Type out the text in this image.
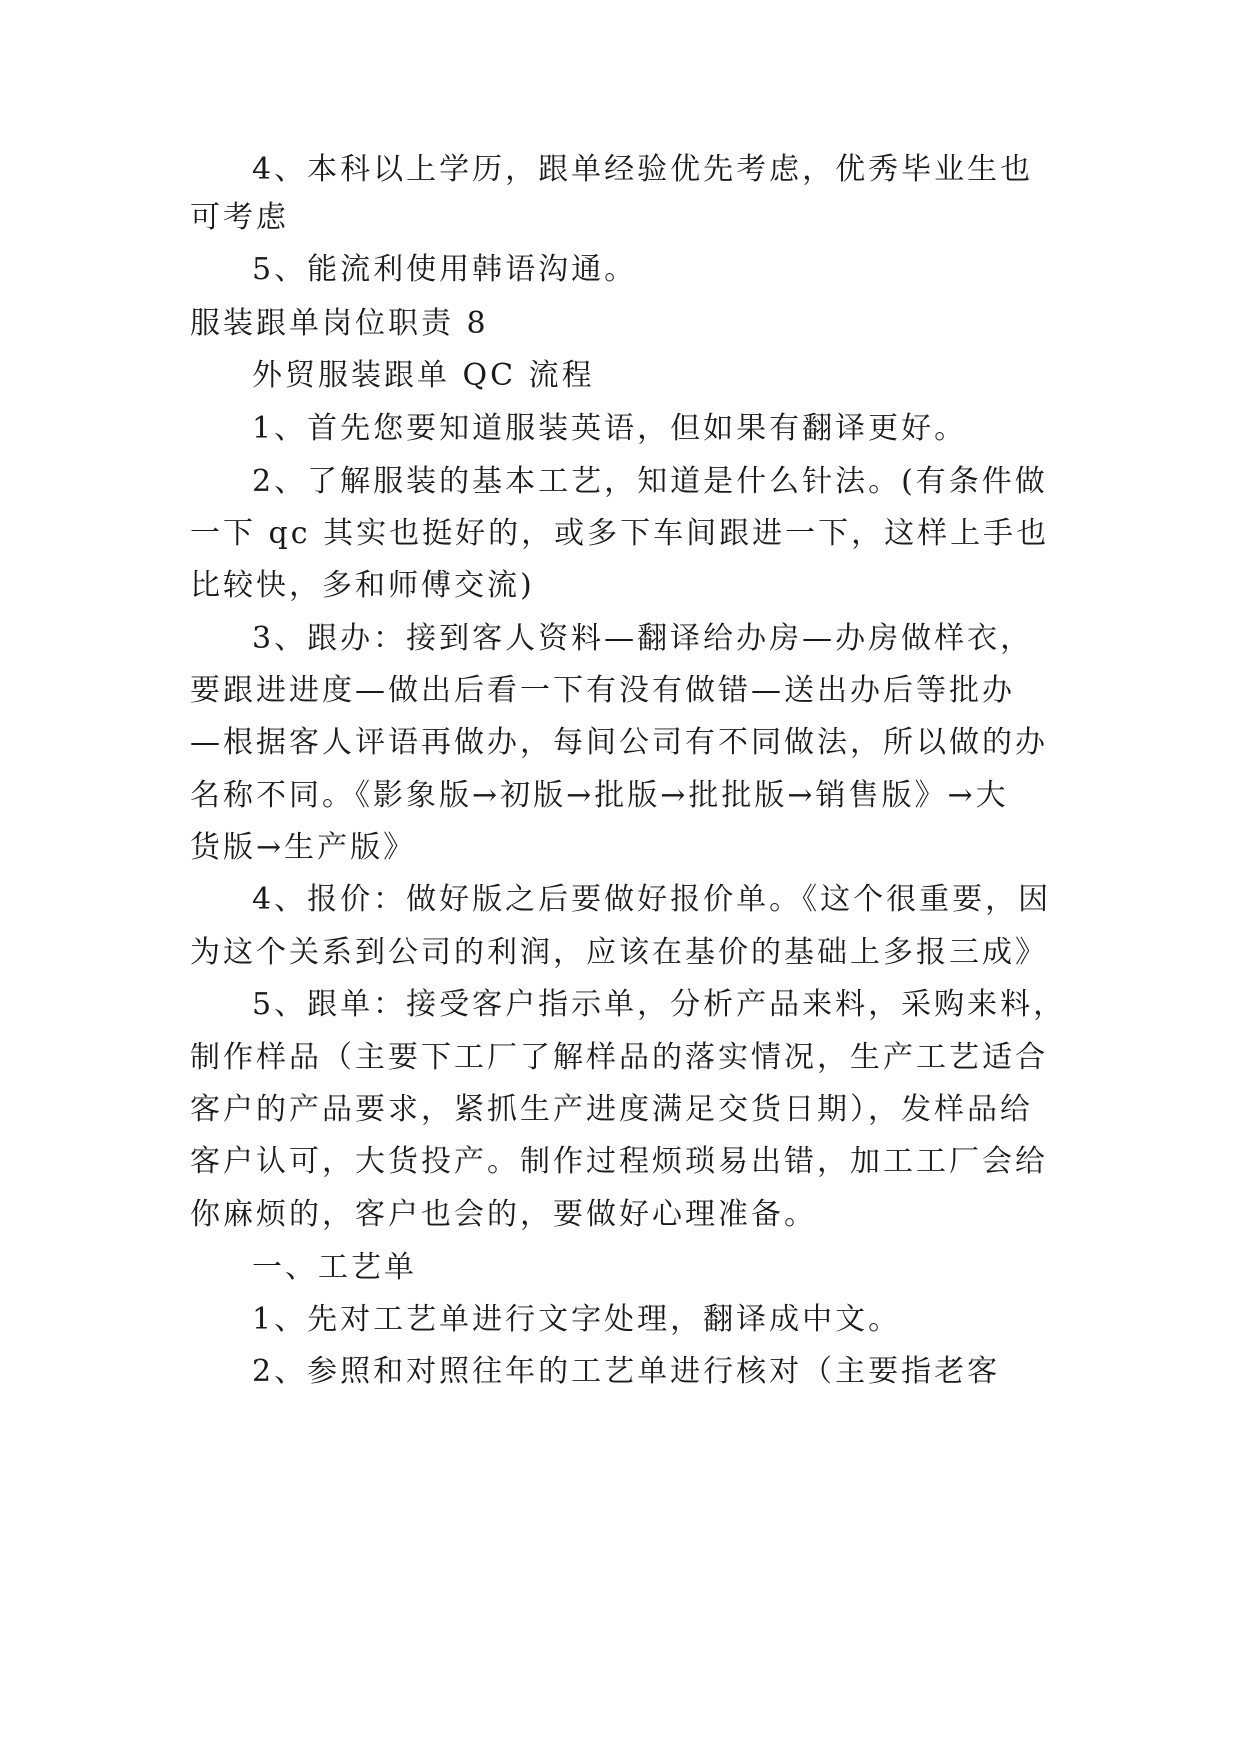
4、本科以上学历，跟单经验优先考虑，优秀毕业生也
可考虑
5、能流利使用韩语沟通。
服装跟单岗位职责 8
外贸服装跟单 QC 流程
1、首先您要知道服装英语，但如果有翻译更好。
2、了解服装的基本工艺，知道是什么针法。(有条件做
一下 qc 其实也挺好的，或多下车间跟进一下，这样上手也
比较快，多和师傅交流)
3、跟办：接到客人资料—翻译给办房—办房做样衣，
要跟进进度—做出后看一下有没有做错—送出办后等批办
—根据客人评语再做办，每间公司有不同做法，所以做的办
名称不同。《影象版→初版→批版→批批版→销售版》→大
货版→生产版》
4、报价：做好版之后要做好报价单。《这个很重要，因
为这个关系到公司的利润，应该在基价的基础上多报三成》
5、跟单：接受客户指示单，分析产品来料，采购来料，
制作样品（主要下工厂了解样品的落实情况，生产工艺适合
客户的产品要求，紧抓生产进度满足交货日期），发样品给
客户认可，大货投产。制作过程烦琐易出错，加工工厂会给
你麻烦的，客户也会的，要做好心理准备。
一、工艺单
1、先对工艺单进行文字处理，翻译成中文。
2、参照和对照往年的工艺单进行核对（主要指老客
